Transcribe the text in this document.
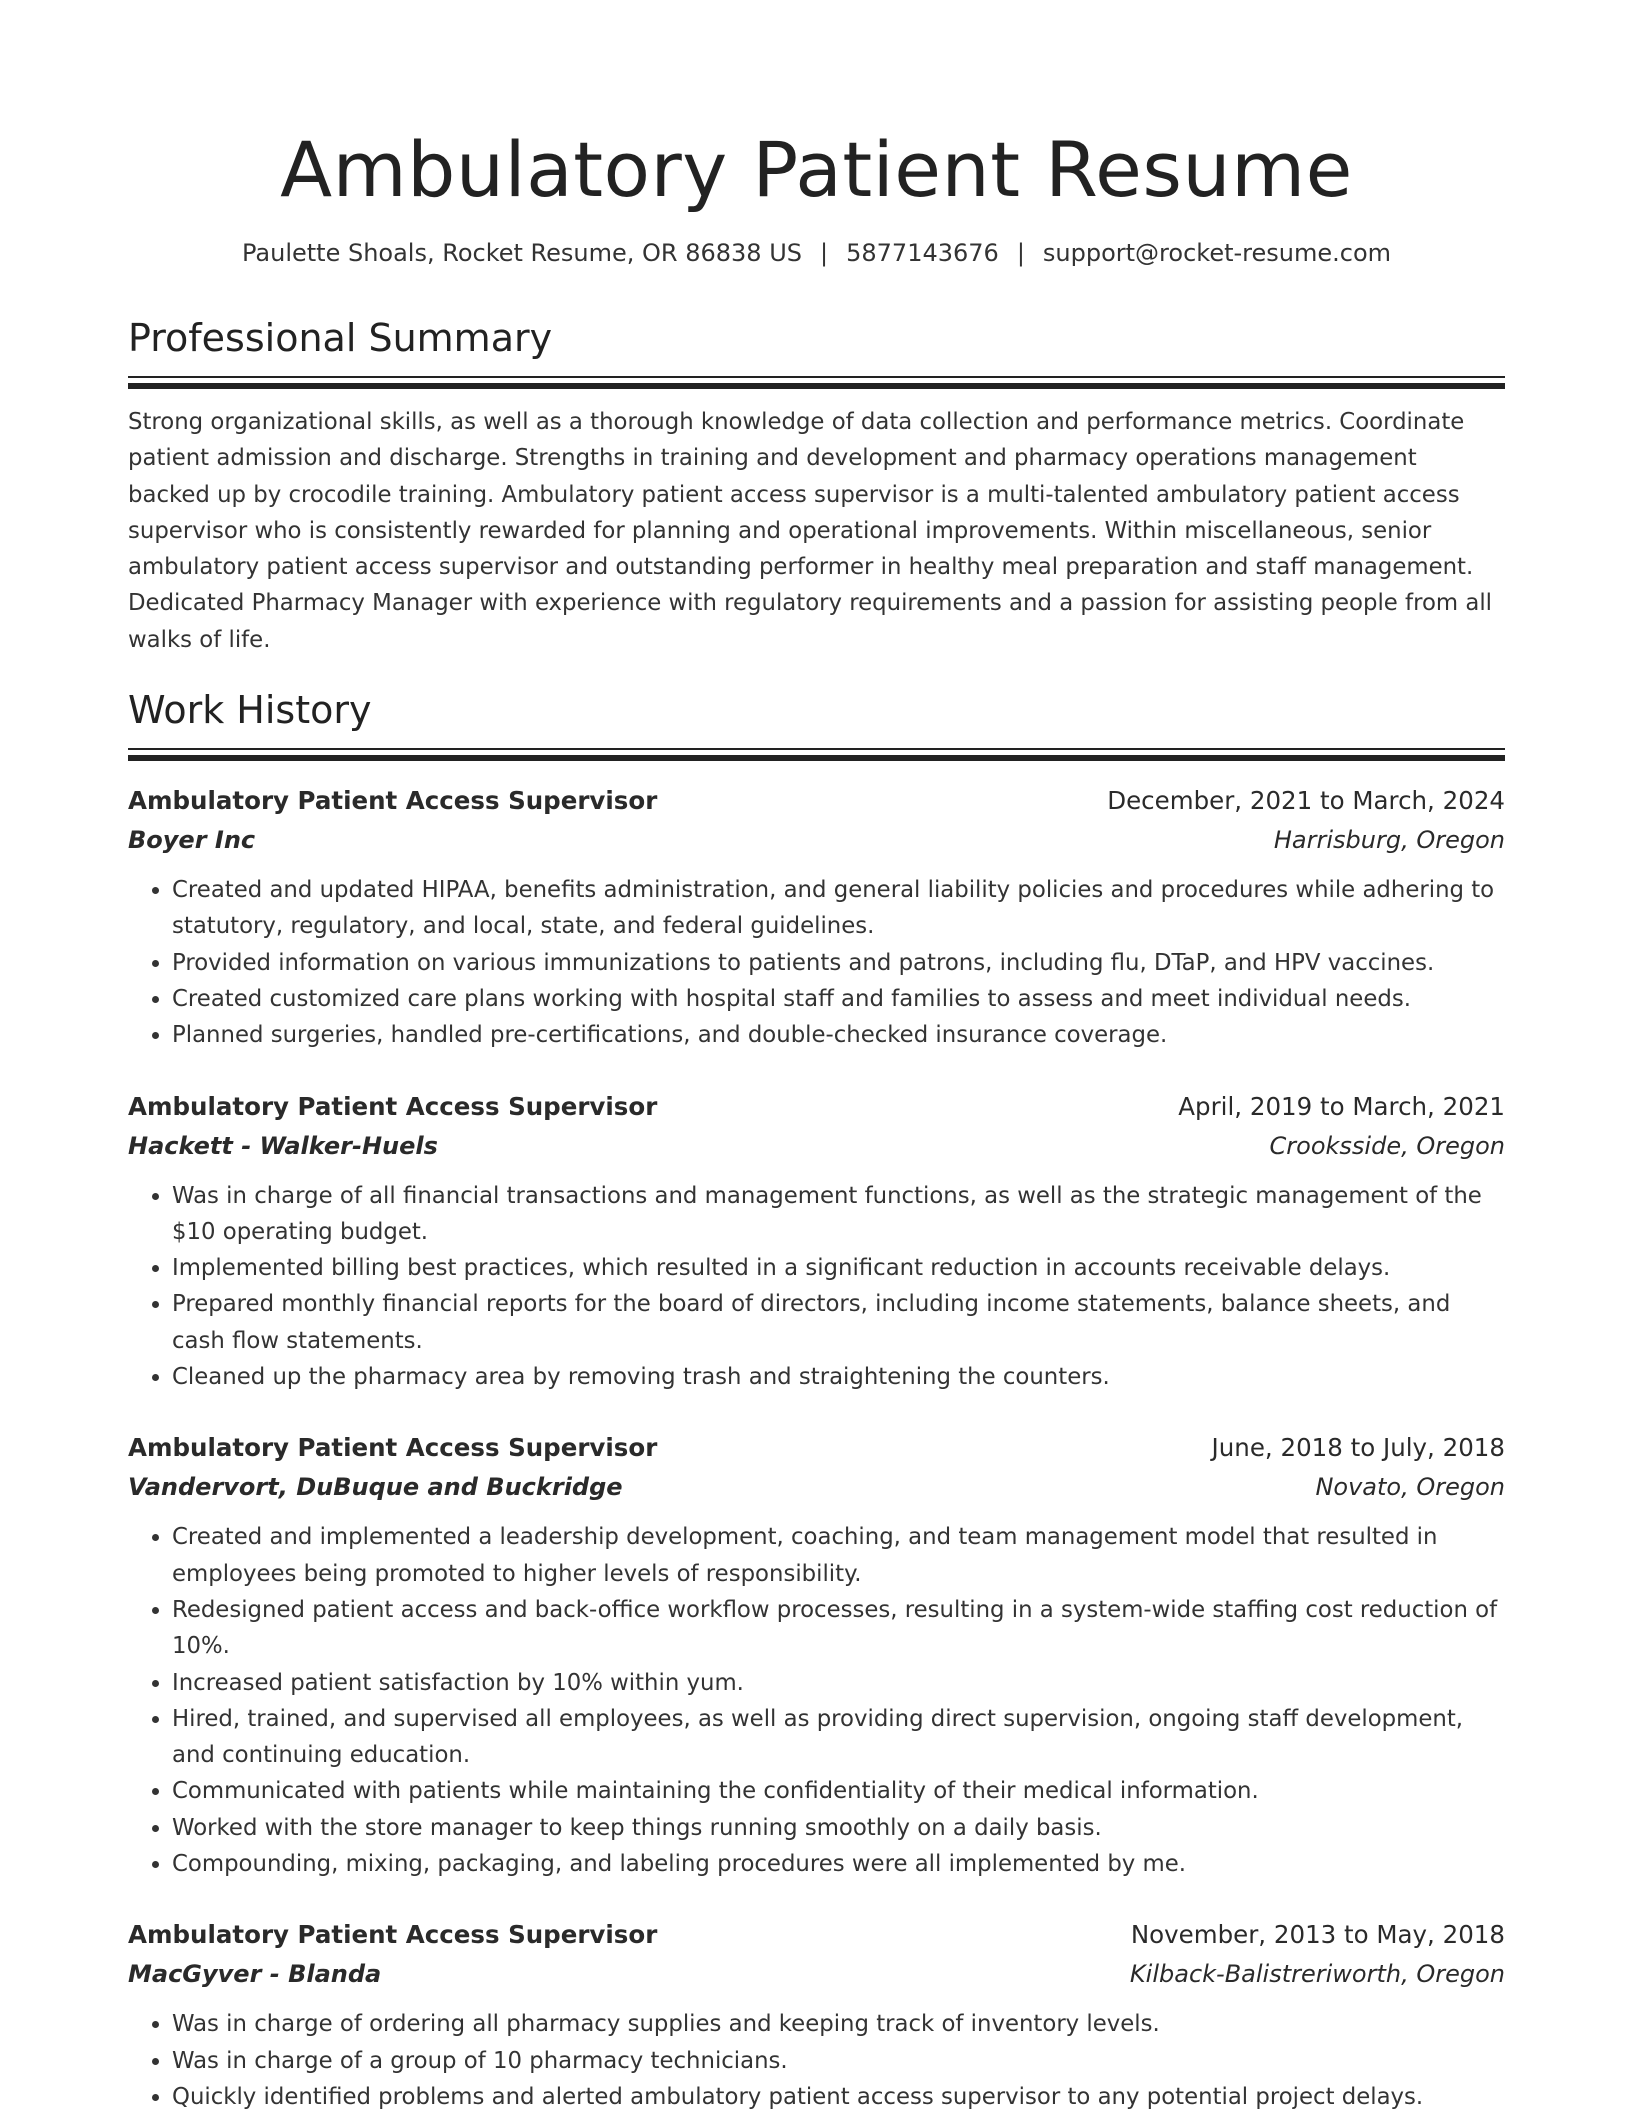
Ambulatory Patient Resume
Paulette Shoals, Rocket Resume, OR 86838 US | 5877143676 | support@rocket-resume.com
Professional Summary

Strong organizational skills, as well as a thorough knowledge of data collection and performance metrics. Coordinate patient admission and discharge. Strengths in training and development and pharmacy operations management backed up by crocodile training. Ambulatory patient access supervisor is a multi-talented ambulatory patient access supervisor who is consistently rewarded for planning and operational improvements. Within miscellaneous, senior ambulatory patient access supervisor and outstanding performer in healthy meal preparation and staff management. Dedicated Pharmacy Manager with experience with regulatory requirements and a passion for assisting people from all walks of life.

Work History
Ambulatory Patient Access Supervisor	December, 2021 to March, 2024
Boyer Inc	Harrisburg, Oregon
• Created and updated HIPAA, benefits administration, and general liability policies and procedures while adhering to statutory, regulatory, and local, state, and federal guidelines.
• Provided information on various immunizations to patients and patrons, including flu, DTaP, and HPV vaccines.
• Created customized care plans working with hospital staff and families to assess and meet individual needs.
• Planned surgeries, handled pre-certifications, and double-checked insurance coverage.
Ambulatory Patient Access Supervisor	April, 2019 to March, 2021
Hackett - Walker-Huels	Crooksside, Oregon
• Was in charge of all financial transactions and management functions, as well as the strategic management of the $10 operating budget.
• Implemented billing best practices, which resulted in a significant reduction in accounts receivable delays.
• Prepared monthly financial reports for the board of directors, including income statements, balance sheets, and cash flow statements.
• Cleaned up the pharmacy area by removing trash and straightening the counters.
Ambulatory Patient Access Supervisor	June, 2018 to July, 2018
Vandervort, DuBuque and Buckridge	Novato, Oregon
• Created and implemented a leadership development, coaching, and team management model that resulted in employees being promoted to higher levels of responsibility.
• Redesigned patient access and back-office workflow processes, resulting in a system-wide staffing cost reduction of 10%.
• Increased patient satisfaction by 10% within yum.
• Hired, trained, and supervised all employees, as well as providing direct supervision, ongoing staff development, and continuing education.
• Communicated with patients while maintaining the confidentiality of their medical information.
• Worked with the store manager to keep things running smoothly on a daily basis.
• Compounding, mixing, packaging, and labeling procedures were all implemented by me.
Ambulatory Patient Access Supervisor	November, 2013 to May, 2018
MacGyver - Blanda	Kilback-Balistreriworth, Oregon
• Was in charge of ordering all pharmacy supplies and keeping track of inventory levels.
• Was in charge of a group of 10 pharmacy technicians.
• Quickly identified problems and alerted ambulatory patient access supervisor to any potential project delays.
